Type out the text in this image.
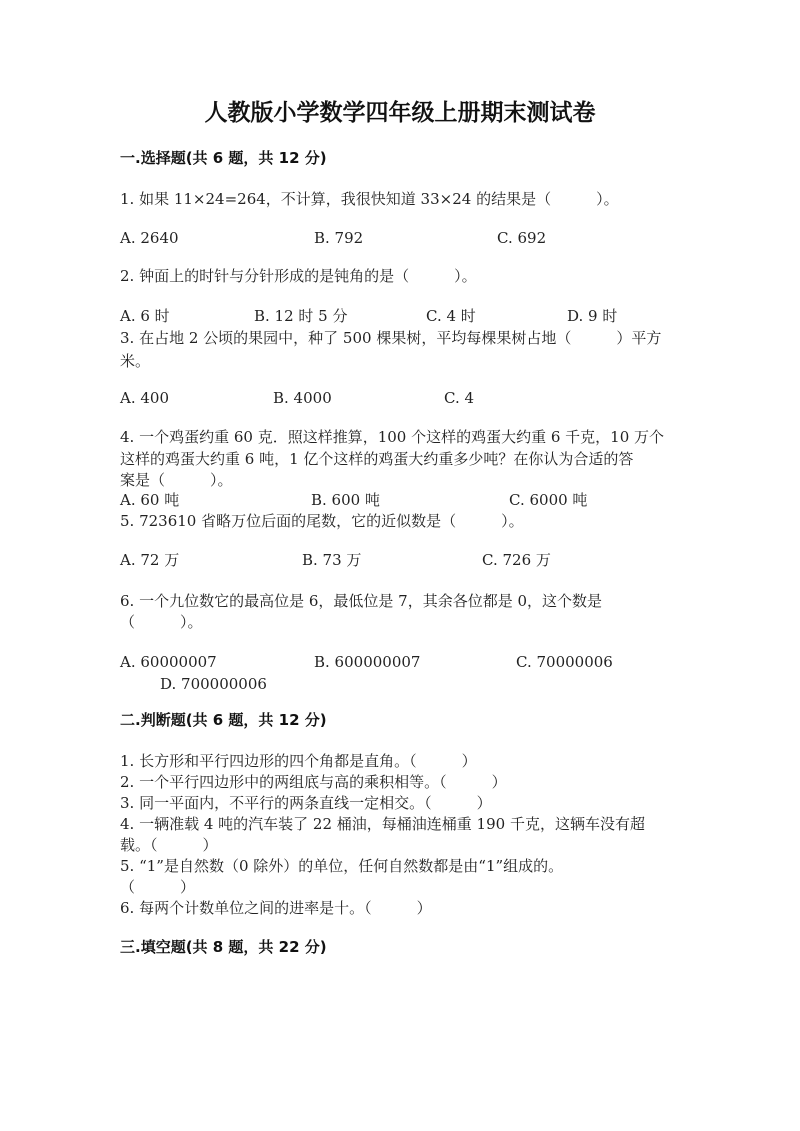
人教版小学数学四年级上册期末测试卷
一.选择题(共 6 题，共 12 分)
1. 如果 11×24=264，不计算，我很快知道 33×24 的结果是（　　　）。
A. 2640	B. 792	C. 692
2. 钟面上的时针与分针形成的是钝角的是（　　　）。
A. 6 时	B. 12 时 5 分	C. 4 时	D. 9 时
3. 在占地 2 公顷的果园中，种了 500 棵果树，平均每棵果树占地（　　　）平方
米。
A. 400	B. 4000	C. 4
4. 一个鸡蛋约重 60 克．照这样推算，100 个这样的鸡蛋大约重 6 千克，10 万个
这样的鸡蛋大约重 6 吨，1 亿个这样的鸡蛋大约重多少吨？在你认为合适的答
案是（　　　）。
A. 60 吨	B. 600 吨	C. 6000 吨
5. 723610 省略万位后面的尾数，它的近似数是（　　　）。
A. 72 万	B. 73 万	C. 726 万
6. 一个九位数它的最高位是 6，最低位是 7，其余各位都是 0，这个数是
（　　　）。
A. 60000007	B. 600000007	C. 70000006
D. 700000006
二.判断题(共 6 题，共 12 分)
1. 长方形和平行四边形的四个角都是直角。（　　　）
2. 一个平行四边形中的两组底与高的乘积相等。（　　　）
3. 同一平面内，不平行的两条直线一定相交。（　　　）
4. 一辆准载 4 吨的汽车装了 22 桶油，每桶油连桶重 190 千克，这辆车没有超
载。（　　　）
5. “1”是自然数（0 除外）的单位，任何自然数都是由“1”组成的。
（　　　）
6. 每两个计数单位之间的进率是十。（　　　）
三.填空题(共 8 题，共 22 分)
